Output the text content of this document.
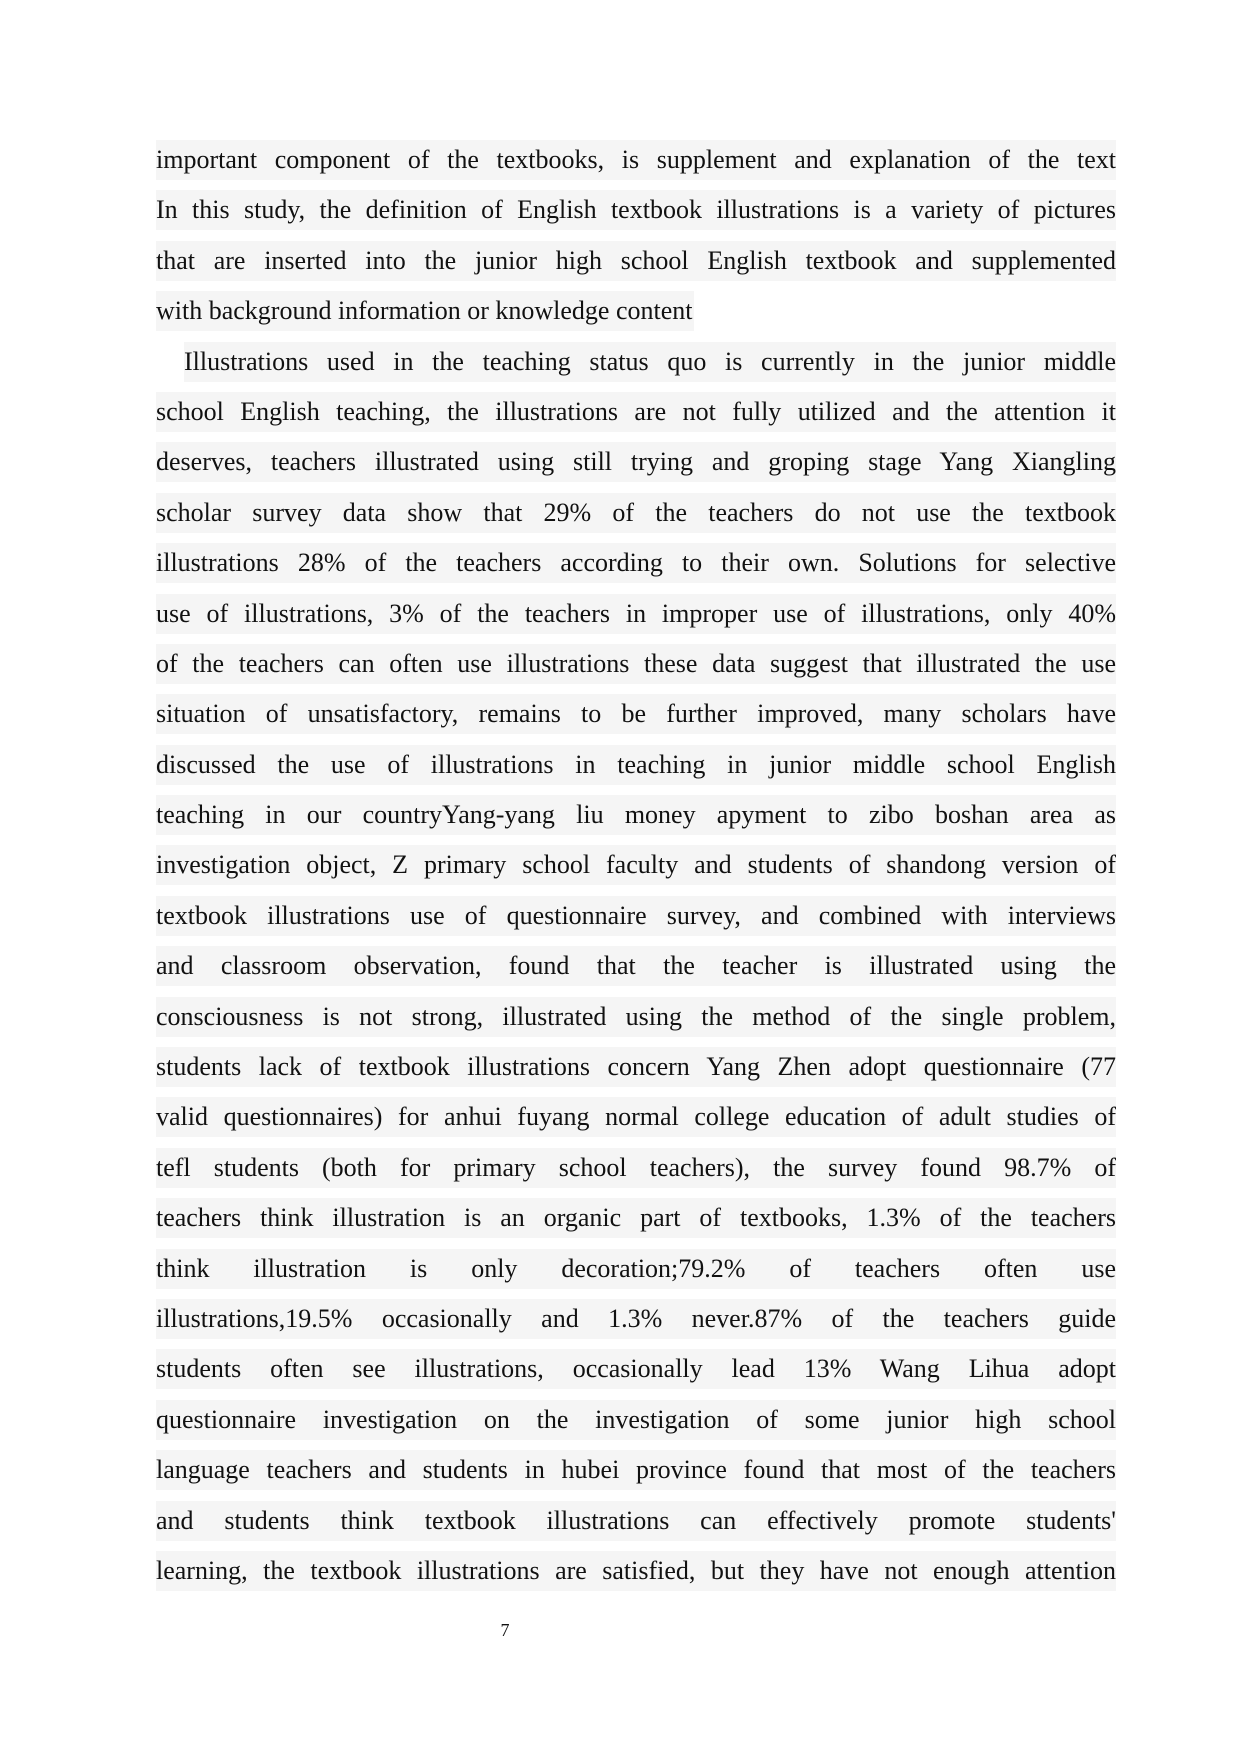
important component of the textbooks, is supplement and explanation of the text
In this study, the definition of English textbook illustrations is a variety of pictures
that are inserted into the junior high school English textbook and supplemented
with background information or knowledge content
Illustrations used in the teaching status quo is currently in the junior middle
school English teaching, the illustrations are not fully utilized and the attention it
deserves, teachers illustrated using still trying and groping stage Yang Xiangling
scholar survey data show that 29% of the teachers do not use the textbook
illustrations 28% of the teachers according to their own. Solutions for selective
use of illustrations, 3% of the teachers in improper use of illustrations, only 40%
of the teachers can often use illustrations these data suggest that illustrated the use
situation of unsatisfactory, remains to be further improved, many scholars have
discussed the use of illustrations in teaching in junior middle school English
teaching in our countryYang-yang liu money apyment to zibo boshan area as
investigation object, Z primary school faculty and students of shandong version of
textbook illustrations use of questionnaire survey, and combined with interviews
and classroom observation, found that the teacher is illustrated using the
consciousness is not strong, illustrated using the method of the single problem,
students lack of textbook illustrations concern Yang Zhen adopt questionnaire (77
valid questionnaires) for anhui fuyang normal college education of adult studies of
tefl students (both for primary school teachers), the survey found 98.7% of
teachers think illustration is an organic part of textbooks, 1.3% of the teachers
think illustration is only decoration;79.2% of teachers often use
illustrations,19.5% occasionally and 1.3% never.87% of the teachers guide
students often see illustrations, occasionally lead 13% Wang Lihua adopt
questionnaire investigation on the investigation of some junior high school
language teachers and students in hubei province found that most of the teachers
and students think textbook illustrations can effectively promote students'
learning, the textbook illustrations are satisfied, but they have not enough attention
7
